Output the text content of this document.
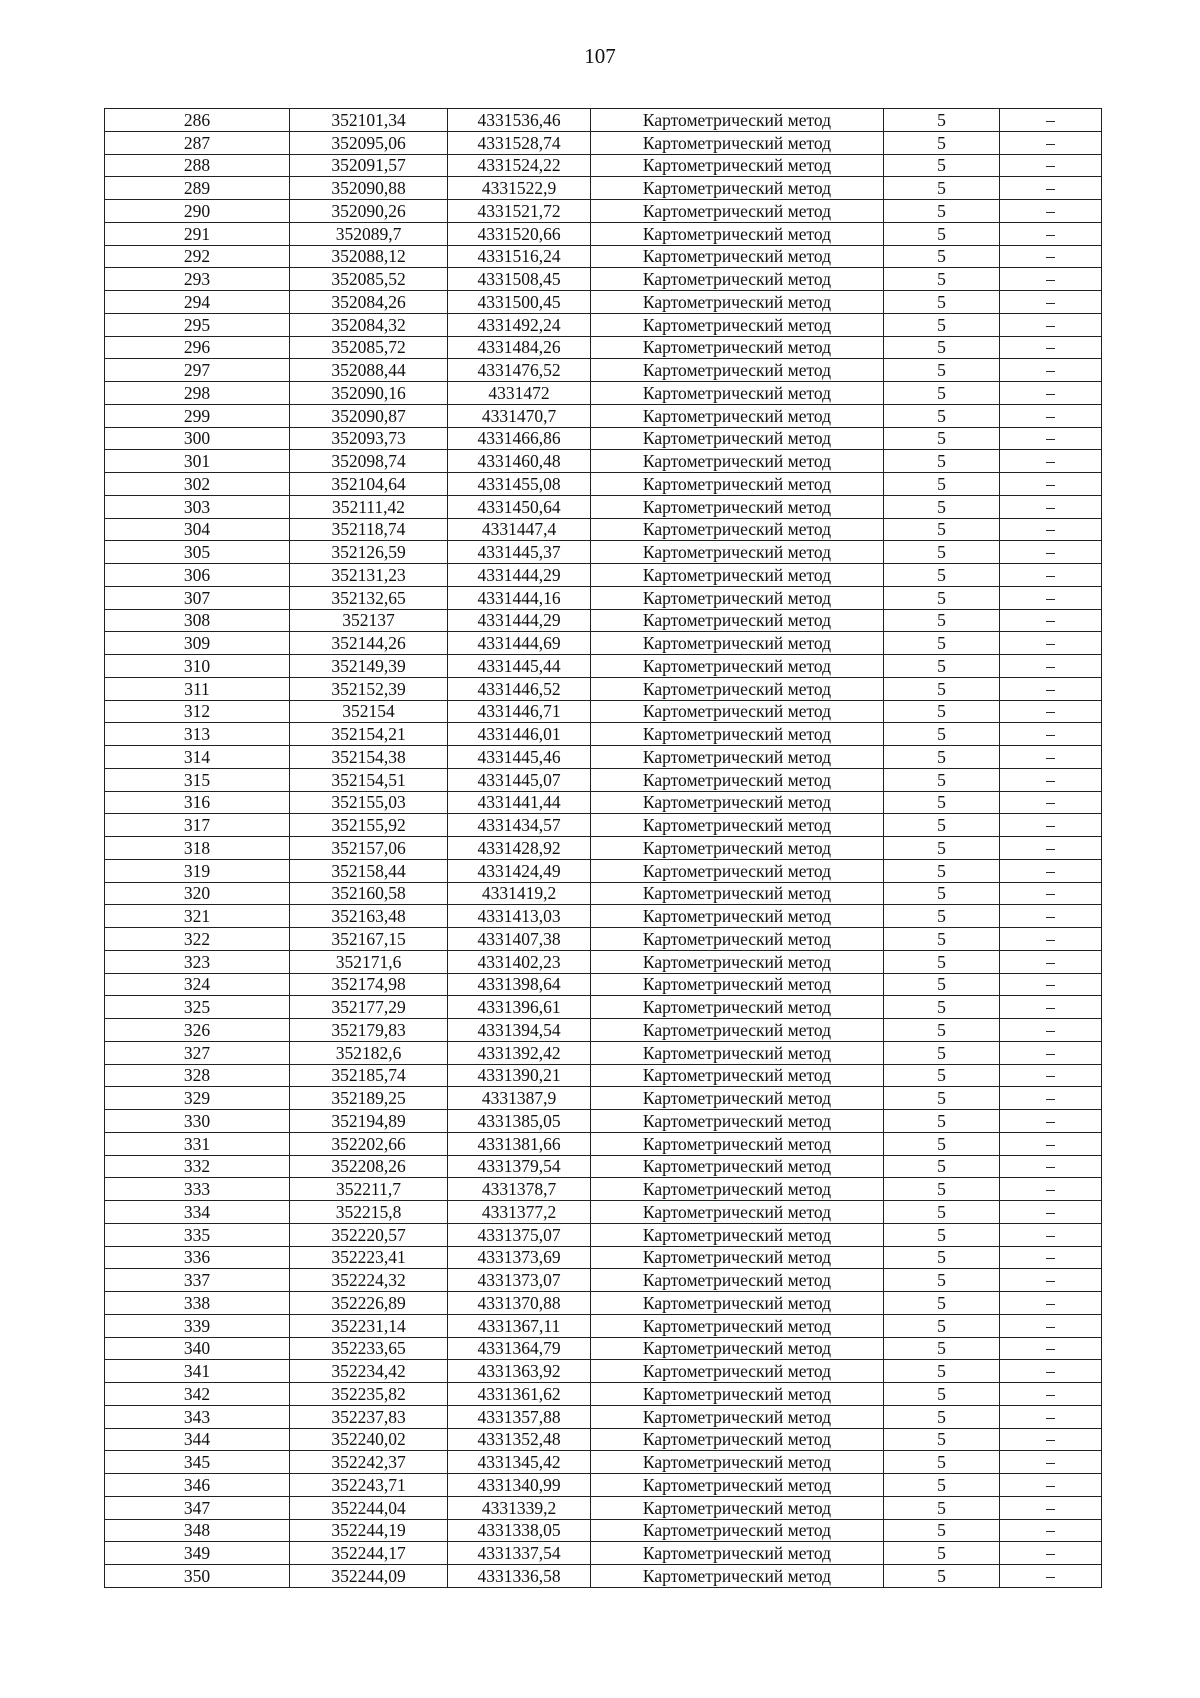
107
286	352101,34	4331536,46	Картометрический метод	5	–
287	352095,06	4331528,74	Картометрический метод	5	–
288	352091,57	4331524,22	Картометрический метод	5	–
289	352090,88	4331522,9	Картометрический метод	5	–
290	352090,26	4331521,72	Картометрический метод	5	–
291	352089,7	4331520,66	Картометрический метод	5	–
292	352088,12	4331516,24	Картометрический метод	5	–
293	352085,52	4331508,45	Картометрический метод	5	–
294	352084,26	4331500,45	Картометрический метод	5	–
295	352084,32	4331492,24	Картометрический метод	5	–
296	352085,72	4331484,26	Картометрический метод	5	–
297	352088,44	4331476,52	Картометрический метод	5	–
298	352090,16	4331472	Картометрический метод	5	–
299	352090,87	4331470,7	Картометрический метод	5	–
300	352093,73	4331466,86	Картометрический метод	5	–
301	352098,74	4331460,48	Картометрический метод	5	–
302	352104,64	4331455,08	Картометрический метод	5	–
303	352111,42	4331450,64	Картометрический метод	5	–
304	352118,74	4331447,4	Картометрический метод	5	–
305	352126,59	4331445,37	Картометрический метод	5	–
306	352131,23	4331444,29	Картометрический метод	5	–
307	352132,65	4331444,16	Картометрический метод	5	–
308	352137	4331444,29	Картометрический метод	5	–
309	352144,26	4331444,69	Картометрический метод	5	–
310	352149,39	4331445,44	Картометрический метод	5	–
311	352152,39	4331446,52	Картометрический метод	5	–
312	352154	4331446,71	Картометрический метод	5	–
313	352154,21	4331446,01	Картометрический метод	5	–
314	352154,38	4331445,46	Картометрический метод	5	–
315	352154,51	4331445,07	Картометрический метод	5	–
316	352155,03	4331441,44	Картометрический метод	5	–
317	352155,92	4331434,57	Картометрический метод	5	–
318	352157,06	4331428,92	Картометрический метод	5	–
319	352158,44	4331424,49	Картометрический метод	5	–
320	352160,58	4331419,2	Картометрический метод	5	–
321	352163,48	4331413,03	Картометрический метод	5	–
322	352167,15	4331407,38	Картометрический метод	5	–
323	352171,6	4331402,23	Картометрический метод	5	–
324	352174,98	4331398,64	Картометрический метод	5	–
325	352177,29	4331396,61	Картометрический метод	5	–
326	352179,83	4331394,54	Картометрический метод	5	–
327	352182,6	4331392,42	Картометрический метод	5	–
328	352185,74	4331390,21	Картометрический метод	5	–
329	352189,25	4331387,9	Картометрический метод	5	–
330	352194,89	4331385,05	Картометрический метод	5	–
331	352202,66	4331381,66	Картометрический метод	5	–
332	352208,26	4331379,54	Картометрический метод	5	–
333	352211,7	4331378,7	Картометрический метод	5	–
334	352215,8	4331377,2	Картометрический метод	5	–
335	352220,57	4331375,07	Картометрический метод	5	–
336	352223,41	4331373,69	Картометрический метод	5	–
337	352224,32	4331373,07	Картометрический метод	5	–
338	352226,89	4331370,88	Картометрический метод	5	–
339	352231,14	4331367,11	Картометрический метод	5	–
340	352233,65	4331364,79	Картометрический метод	5	–
341	352234,42	4331363,92	Картометрический метод	5	–
342	352235,82	4331361,62	Картометрический метод	5	–
343	352237,83	4331357,88	Картометрический метод	5	–
344	352240,02	4331352,48	Картометрический метод	5	–
345	352242,37	4331345,42	Картометрический метод	5	–
346	352243,71	4331340,99	Картометрический метод	5	–
347	352244,04	4331339,2	Картометрический метод	5	–
348	352244,19	4331338,05	Картометрический метод	5	–
349	352244,17	4331337,54	Картометрический метод	5	–
350	352244,09	4331336,58	Картометрический метод	5	–
